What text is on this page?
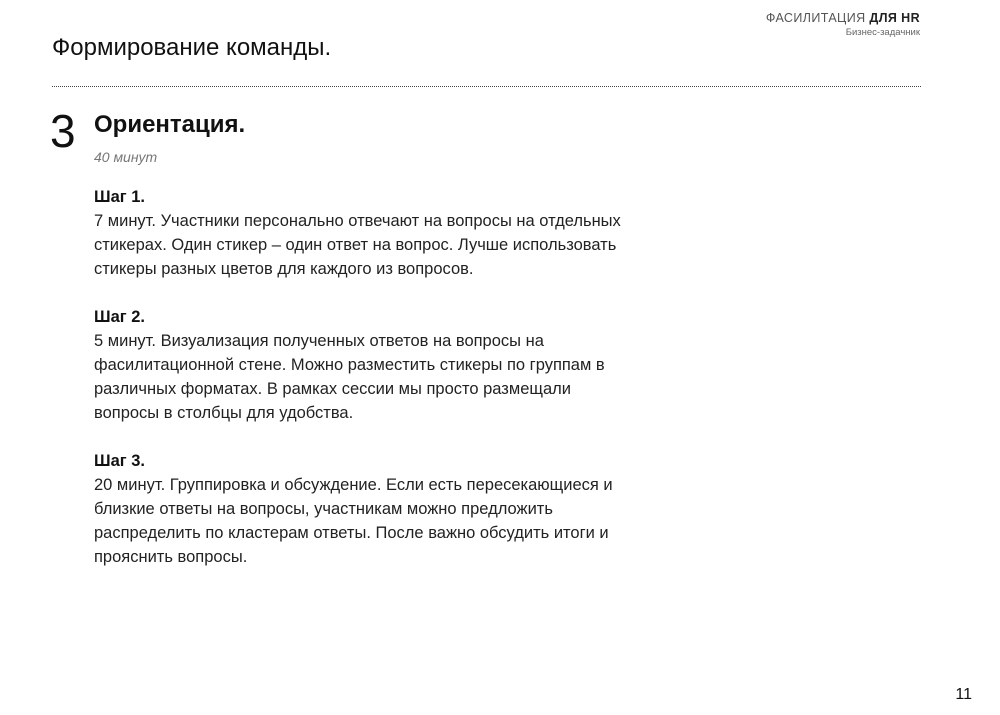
ФАСИЛИТАЦИЯ ДЛЯ HR
Бизнес-задачник
Формирование команды.
3 Ориентация.
40 минут
Шаг 1.
7 минут. Участники персонально отвечают на вопросы на отдельных стикерах. Один стикер – один ответ на вопрос. Лучше использовать стикеры разных цветов для каждого из вопросов.
Шаг 2.
5 минут. Визуализация полученных ответов на вопросы на фасилитационной стене. Можно разместить стикеры по группам в различных форматах. В рамках сессии мы просто размещали вопросы в столбцы для удобства.
Шаг 3.
20 минут. Группировка и обсуждение. Если есть пересекающиеся и близкие ответы на вопросы, участникам можно предложить распределить по кластерам ответы. После важно обсудить итоги и прояснить вопросы.
11
